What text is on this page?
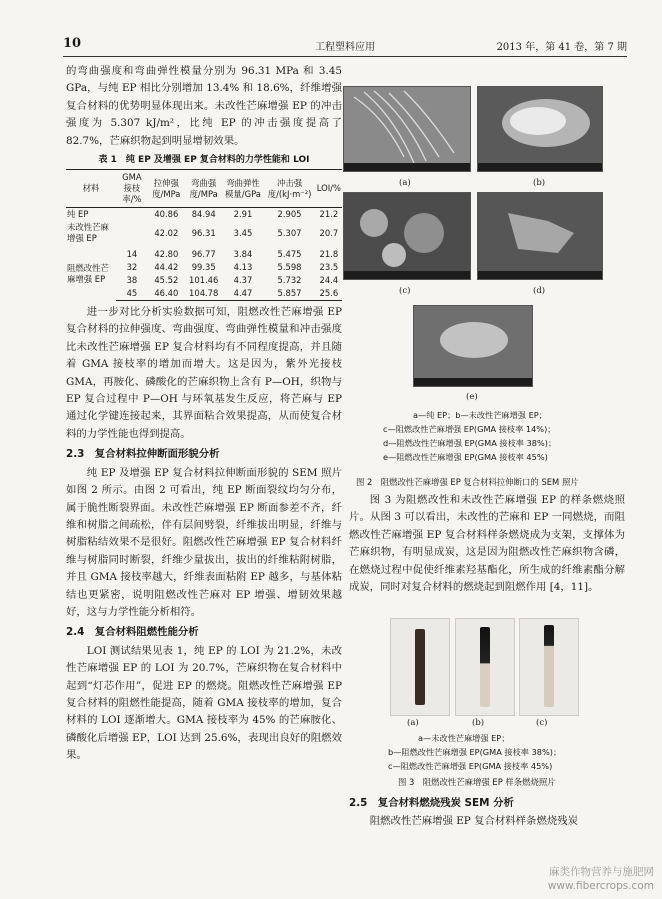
10	工程塑料应用	2013 年，第 41 卷，第 7 期

的弯曲强度和弯曲弹性模量分别为 96.31 MPa 和 3.45 GPa，与纯 EP 相比分别增加 13.4% 和 18.6%，纤维增强复合材料的优势明显体现出来。未改性芒麻增强 EP 的冲击强度为 5.307 kJ/m²，比纯 EP 的冲击强度提高了 82.7%，芒麻织物起到明显增韧效果。

表 1　纯 EP 及增强 EP 复合材料的力学性能和 LOI
材料	GMA 接枝率/%	拉伸强度/MPa	弯曲强度/MPa	弯曲弹性模量/GPa	冲击强度/(kJ·m⁻²)	LOI/%
纯 EP		40.86	84.94	2.91	2.905	21.2
未改性芒麻增强 EP		42.02	96.31	3.45	5.307	20.7
阻燃改性芒麻增强 EP	14	42.80	96.77	3.84	5.475	21.8
	32	44.42	99.35	4.13	5.598	23.5
	38	45.52	101.46	4.37	5.732	24.4
	45	46.40	104.78	4.47	5.857	25.6

进一步对比分析实验数据可知，阻燃改性芒麻增强 EP 复合材料的拉伸强度、弯曲强度、弯曲弹性模量和冲击强度比未改性芒麻增强 EP 复合材料均有不同程度提高，并且随着 GMA 接枝率的增加而增大。这是因为，紫外光接枝 GMA，再胺化、磷酸化的芒麻织物上含有 P—OH，织物与 EP 复合过程中 P—OH 与环氧基发生反应，将芒麻与 EP 通过化学键连接起来，其界面粘合效果提高，从而使复合材料的力学性能也得到提高。

2.3　复合材料拉伸断面形貌分析

纯 EP 及增强 EP 复合材料拉伸断面形貌的 SEM 照片如图 2 所示。由图 2 可看出，纯 EP 断面裂纹均匀分布，属于脆性断裂界面。未改性芒麻增强 EP 断面参差不齐，纤维和树脂之间疏松，伴有层间劈裂，纤维拔出明显，纤维与树脂粘结效果不是很好。阻燃改性芒麻增强 EP 复合材料纤维与树脂同时断裂，纤维少量拔出，拔出的纤维粘附树脂，并且 GMA 接枝率越大，纤维表面粘附 EP 越多，与基体粘结也更紧密，说明阻燃改性芒麻对 EP 增强、增韧效果越好，这与力学性能分析相符。

2.4　复合材料阻燃性能分析

LOI 测试结果见表 1，纯 EP 的 LOI 为 21.2%，未改性芒麻增强 EP 的 LOI 为 20.7%，芒麻织物在复合材料中起到“灯芯作用”，促进 EP 的燃烧。阻燃改性芒麻增强 EP 复合材料的阻燃性能提高，随着 GMA 接枝率的增加，复合材料的 LOI 逐渐增大。GMA 接枝率为 45% 的芒麻胺化、磷酸化后增强 EP，LOI 达到 25.6%，表现出良好的阻燃效果。

(a)	(b)
(c)	(d)
(e)
a—纯 EP；b—未改性芒麻增强 EP；
c—阻燃改性芒麻增强 EP(GMA 接枝率 14%)；
d—阻燃改性芒麻增强 EP(GMA 接枝率 38%)；
e—阻燃改性芒麻增强 EP(GMA 接枝率 45%)
图 2　阻燃改性芒麻增强 EP 复合材料拉伸断口的 SEM 照片

图 3 为阻燃改性和未改性芒麻增强 EP 的样条燃烧照片。从图 3 可以看出，未改性的芒麻和 EP 一同燃烧，而阻燃改性芒麻增强 EP 复合材料样条燃烧成为支架，支撑体为芒麻织物，有明显成炭，这是因为阻燃改性芒麻织物含磷，在燃烧过程中促使纤维素羟基酯化，所生成的纤维素酯分解成炭，同时对复合材料的燃烧起到阻燃作用 [4，11]。

(a)	(b)	(c)
a—未改性芒麻增强 EP；
b—阻燃改性芒麻增强 EP(GMA 接枝率 38%)；
c—阻燃改性芒麻增强 EP(GMA 接枝率 45%)
图 3　阻燃改性芒麻增强 EP 样条燃烧照片
2.5　复合材料燃烧残炭 SEM 分析

阻燃改性芒麻增强 EP 复合材料样条燃烧残炭

麻类作物营养与施肥网
www.fibercrops.com
